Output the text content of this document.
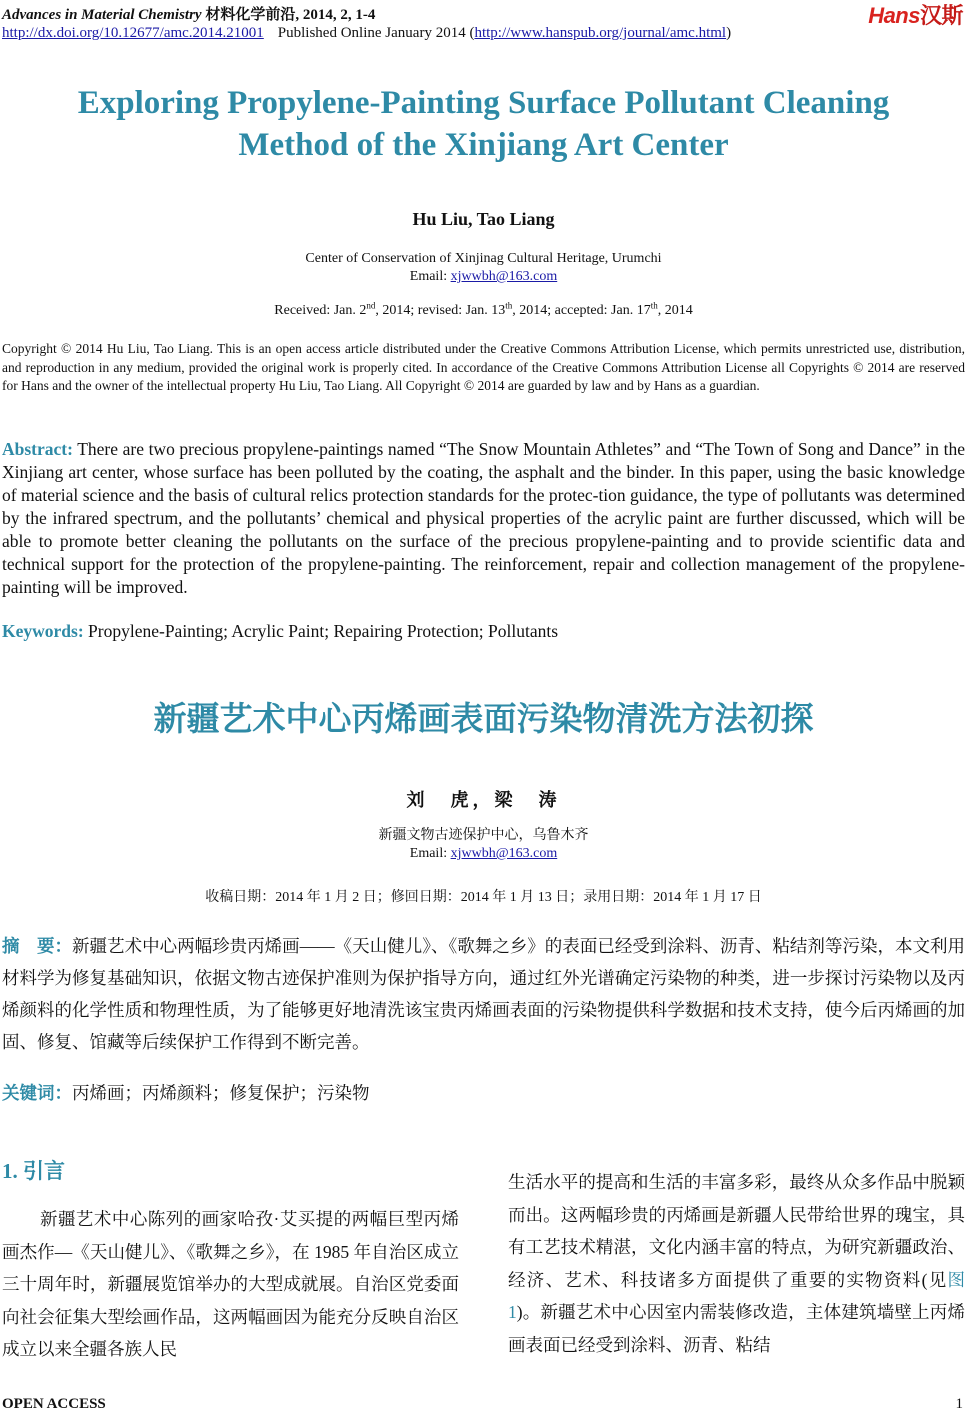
Advances in Material Chemistry 材料化学前沿, 2014, 2, 1-4	Hans汉斯
http://dx.doi.org/10.12677/amc.2014.21001 Published Online January 2014 (http://www.hanspub.org/journal/amc.html)
Exploring Propylene-Painting Surface Pollutant Cleaning Method of the Xinjiang Art Center
Hu Liu, Tao Liang
Center of Conservation of Xinjinag Cultural Heritage, Urumchi
Email: xjwwbh@163.com
Received: Jan. 2nd, 2014; revised: Jan. 13th, 2014; accepted: Jan. 17th, 2014
Copyright © 2014 Hu Liu, Tao Liang. This is an open access article distributed under the Creative Commons Attribution License, which permits unrestricted use, distribution, and reproduction in any medium, provided the original work is properly cited. In accordance of the Creative Commons Attribution License all Copyrights © 2014 are reserved for Hans and the owner of the intellectual property Hu Liu, Tao Liang. All Copyright © 2014 are guarded by law and by Hans as a guardian.
Abstract: There are two precious propylene-paintings named “The Snow Mountain Athletes” and “The Town of Song and Dance” in the Xinjiang art center, whose surface has been polluted by the coating, the asphalt and the binder. In this paper, using the basic knowledge of material science and the basis of cultural relics protection standards for the protec-tion guidance, the type of pollutants was determined by the infrared spectrum, and the pollutants’ chemical and physical properties of the acrylic paint are further discussed, which will be able to promote better cleaning the pollutants on the surface of the precious propylene-painting and to provide scientific data and technical support for the protection of the propylene-painting. The reinforcement, repair and collection management of the propylene-painting will be improved.
Keywords: Propylene-Painting; Acrylic Paint; Repairing Protection; Pollutants
新疆艺术中心丙烯画表面污染物清洗方法初探
刘　虎，梁　涛
新疆文物古迹保护中心，乌鲁木齐
Email: xjwwbh@163.com
收稿日期：2014 年 1 月 2 日；修回日期：2014 年 1 月 13 日；录用日期：2014 年 1 月 17 日
摘　要：新疆艺术中心两幅珍贵丙烯画——《天山健儿》、《歌舞之乡》的表面已经受到涂料、沥青、粘结剂等污染，本文利用材料学为修复基础知识，依据文物古迹保护准则为保护指导方向，通过红外光谱确定污染物的种类，进一步探讨污染物以及丙烯颜料的化学性质和物理性质，为了能够更好地清洗该宝贵丙烯画表面的污染物提供科学数据和技术支持，使今后丙烯画的加固、修复、馆藏等后续保护工作得到不断完善。
关键词：丙烯画；丙烯颜料；修复保护；污染物
1. 引言
新疆艺术中心陈列的画家哈孜·艾买提的两幅巨型丙烯画杰作—《天山健儿》、《歌舞之乡》，在 1985 年自治区成立三十周年时，新疆展览馆举办的大型成就展。自治区党委面向社会征集大型绘画作品，这两幅画因为能充分反映自治区成立以来全疆各族人民
生活水平的提高和生活的丰富多彩，最终从众多作品中脱颖而出。这两幅珍贵的丙烯画是新疆人民带给世界的瑰宝，具有工艺技术精湛，文化内涵丰富的特点，为研究新疆政治、经济、艺术、科技诸多方面提供了重要的实物资料(见图 1)。新疆艺术中心因室内需装修改造，主体建筑墙壁上丙烯画表面已经受到涂料、沥青、粘结
OPEN ACCESS	1
